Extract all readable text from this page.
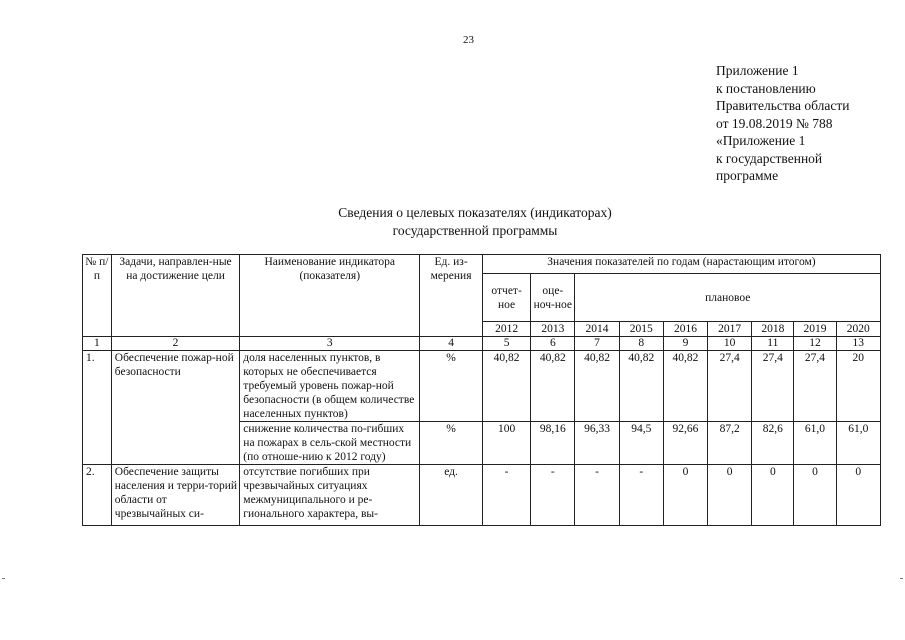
23
Приложение 1
к постановлению
Правительства области
от 19.08.2019 № 788
«Приложение 1
к государственной
программе
Сведения о целевых показателях (индикаторах)
государственной программы
№ п/п	Задачи, направлен-ные на достижение цели	Наименование индикатора (показателя)	Ед. из-мерения	Значения показателей по годам (нарастающим итогом)								
				отчет-ное	оце-ноч-ное	плановое						
				2012	2013	2014	2015	2016	2017	2018	2019	2020
1	2	3	4	5	6	7	8	9	10	11	12	13
1.	Обеспечение пожар-ной безопасности	доля населенных пунктов, в которых не обеспечивается требуемый уровень пожар-ной безопасности (в общем количестве населенных пунктов)	%	40,82	40,82	40,82	40,82	40,82	27,4	27,4	27,4	20
		снижение количества по-гибших на пожарах в сель-ской местности (по отноше-нию к 2012 году)	%	100	98,16	96,33	94,5	92,66	87,2	82,6	61,0	61,0
2.	Обеспечение защиты населения и терри-торий области от чрезвычайных си-	отсутствие погибших при чрезвычайных ситуациях межмуниципального и ре-гионального характера, вы-	ед.	-	-	-	-	0	0	0	0	0
